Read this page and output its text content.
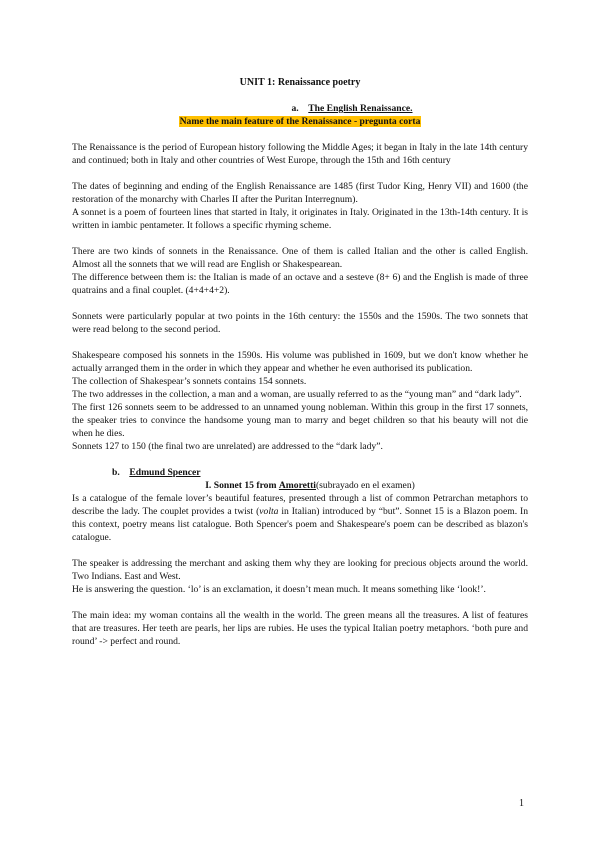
UNIT 1: Renaissance poetry
a. The English Renaissance.
Name the main feature of the Renaissance - pregunta corta

The Renaissance is the period of European history following the Middle Ages; it began in Italy in the late 14th century and continued; both in Italy and other countries of West Europe, through the 15th and 16th century

The dates of beginning and ending of the English Renaissance are 1485 (first Tudor King, Henry VII) and 1600 (the restoration of the monarchy with Charles II after the Puritan Interregnum).

A sonnet is a poem of fourteen lines that started in Italy, it originates in Italy. Originated in the 13th-14th century. It is written in iambic pentameter. It follows a specific rhyming scheme.

There are two kinds of sonnets in the Renaissance. One of them is called Italian and the other is called English. Almost all the sonnets that we will read are English or Shakespearean.

The difference between them is: the Italian is made of an octave and a sesteve (8+ 6) and the English is made of three quatrains and a final couplet. (4+4+4+2).

Sonnets were particularly popular at two points in the 16th century: the 1550s and the 1590s. The two sonnets that were read belong to the second period.

Shakespeare composed his sonnets in the 1590s. His volume was published in 1609, but we don't know whether he actually arranged them in the order in which they appear and whether he even authorised its publication.

The collection of Shakespear’s sonnets contains 154 sonnets.

The two addresses in the collection, a man and a woman, are usually referred to as the “young man” and “dark lady”.

The first 126 sonnets seem to be addressed to an unnamed young nobleman. Within this group in the first 17 sonnets, the speaker tries to convince the handsome young man to marry and beget children so that his beauty will not die when he dies.

Sonnets 127 to 150 (the final two are unrelated) are addressed to the “dark lady”.

b. Edmund Spencer
I. Sonnet 15 from Amoretti(subrayado en el examen)

Is a catalogue of the female lover’s beautiful features, presented through a list of common Petrarchan metaphors to describe the lady. The couplet provides a twist (volta in Italian) introduced by “but”. Sonnet 15 is a Blazon poem. In this context, poetry means list catalogue. Both Spencer's poem and Shakespeare's poem can be described as blazon's catalogue.

The speaker is addressing the merchant and asking them why they are looking for precious objects around the world. Two Indians. East and West.

He is answering the question. ‘lo’ is an exclamation, it doesn’t mean much. It means something like ‘look!’.

The main idea: my woman contains all the wealth in the world. The green means all the treasures. A list of features that are treasures. Her teeth are pearls, her lips are rubies. He uses the typical Italian poetry metaphors. ‘both pure and round’ -> perfect and round.

1
